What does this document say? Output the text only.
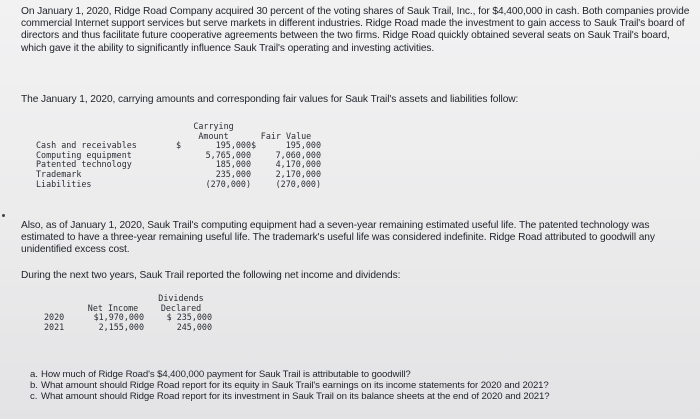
On January 1, 2020, Ridge Road Company acquired 30 percent of the voting shares of Sauk Trail, Inc., for $4,400,000 in cash. Both companies provide commercial Internet support services but serve markets in different industries. Ridge Road made the investment to gain access to Sauk Trail's board of directors and thus facilitate future cooperative agreements between the two firms. Ridge Road quickly obtained several seats on Sauk Trail's board, which gave it the ability to significantly influence Sauk Trail's operating and investing activities.
The January 1, 2020, carrying amounts and corresponding fair values for Sauk Trail's assets and liabilities follow:

	Carrying
Amount	Fair Value
Cash and receivables	$ 195,000	$ 195,000

Computing equipment	5,765,000	7,060,000
Patented technology	185,000	4,170,000
Trademark	235,000	2,170,000
Liabilities	(270,000)	(270,000)
Also, as of January 1, 2020, Sauk Trail's computing equipment had a seven-year remaining estimated useful life. The patented technology was estimated to have a three-year remaining useful life. The trademark's useful life was considered indefinite. Ridge Road attributed to goodwill any unidentified excess cost.
During the next two years, Sauk Trail reported the following net income and dividends:
	Net Income	Dividends
Declared

2020	$1,970,000	$ 235,000
2021	2,155,000	245,000
a. How much of Ridge Road's $4,400,000 payment for Sauk Trail is attributable to goodwill?
b. What amount should Ridge Road report for its equity in Sauk Trail's earnings on its income statements for 2020 and 2021?
c. What amount should Ridge Road report for its investment in Sauk Trail on its balance sheets at the end of 2020 and 2021?
